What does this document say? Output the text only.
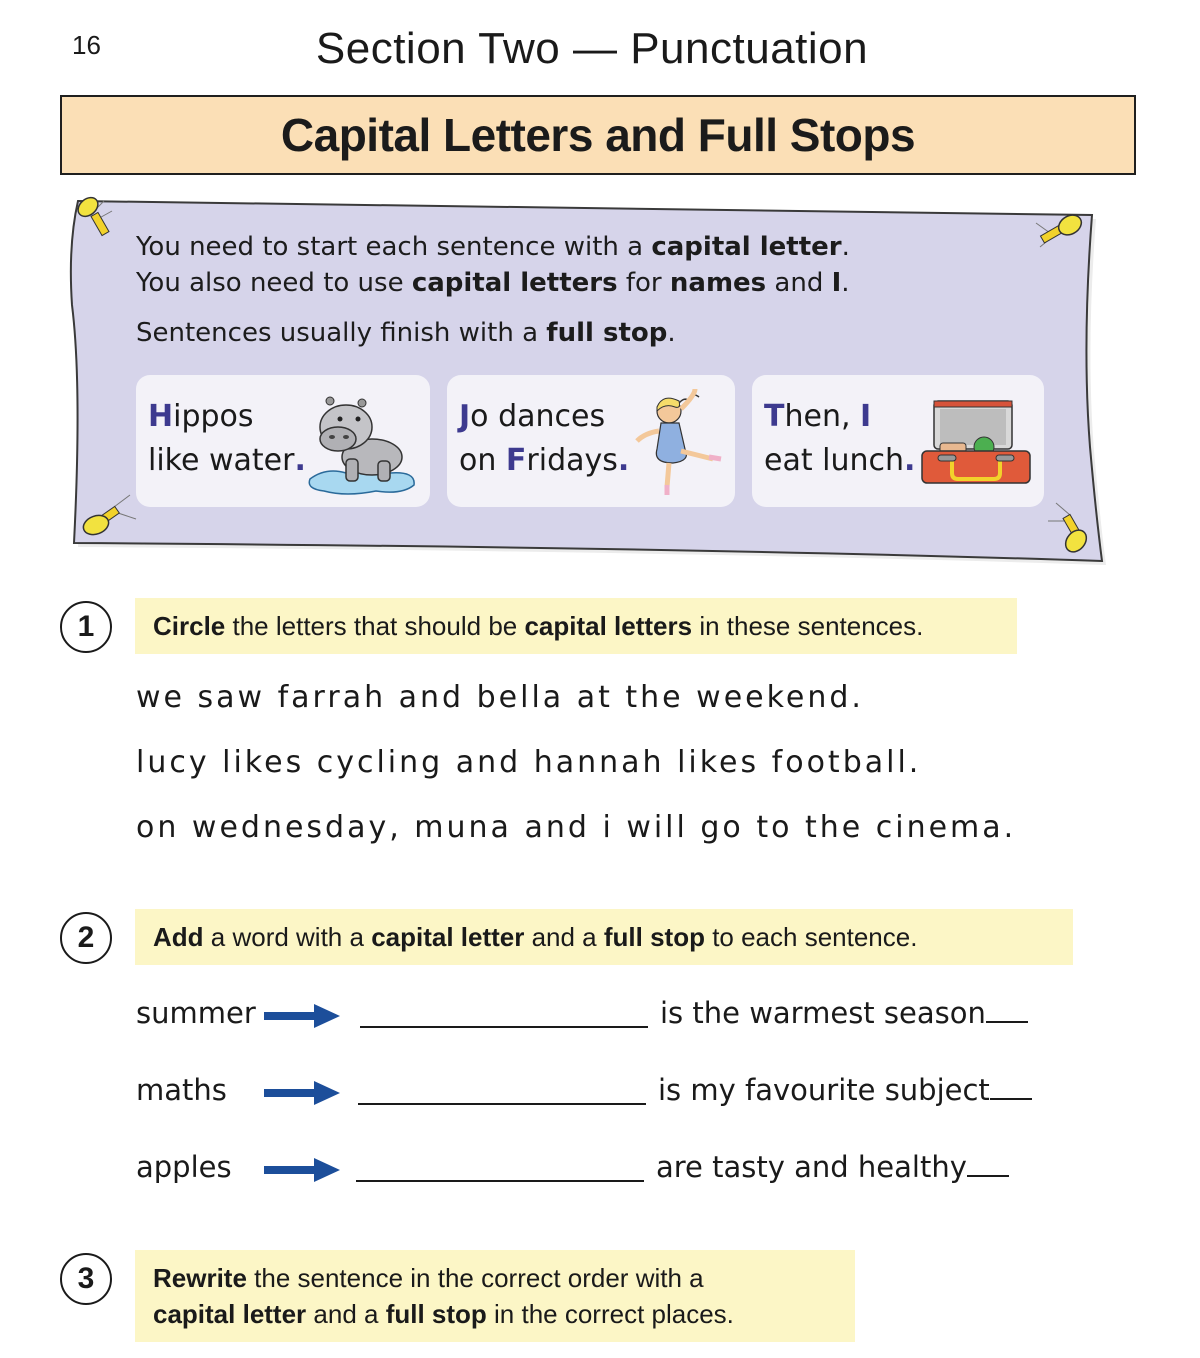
16	Section Two — Punctuation
Capital Letters and Full Stops

You need to start each sentence with a capital letter.

You also need to use capital letters for names and I.

Sentences usually finish with a full stop.

Hippos
like water.
Jo dances
on Fridays.
Then, I
eat lunch.
1	Circle the letters that should be capital letters in these sentences.
we saw farrah and bella at the weekend.
lucy likes cycling and hannah likes football.
on wednesday, muna and i will go to the cinema.
2	Add a word with a capital letter and a full stop to each sentence.
summer	is the warmest season
maths	is my favourite subject
apples	are tasty and healthy
3	Rewrite the sentence in the correct order with a
capital letter and a full stop in the correct places.
